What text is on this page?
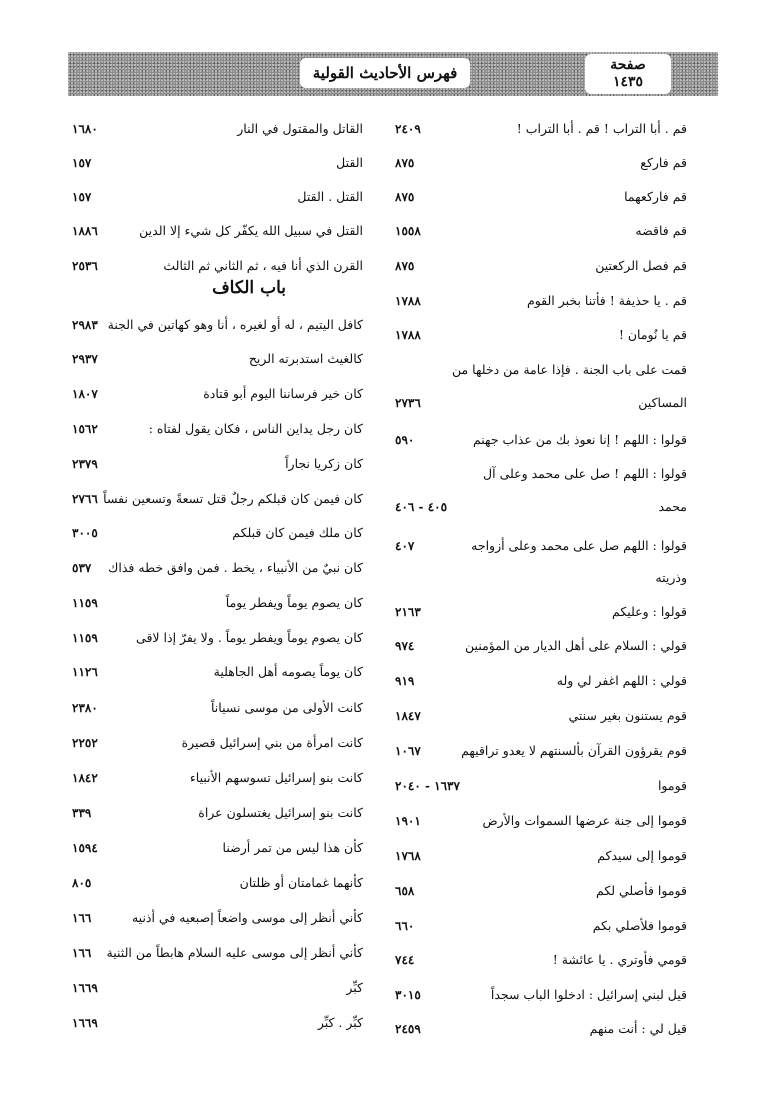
فهرس الأحاديث القولية	صفحة
١٤٣٥
القاتل والمقتول في النار
١٦٨٠
القتل
١٥٧
القتل . القتل
١٥٧
القتل في سبيل الله يكفّر كل شيء إلا الدين
١٨٨٦
القرن الذي أنا فيه ، ثم الثاني ثم الثالث
٢٥٣٦
كافل اليتيم ، له أو لغيره ، أنا وهو كهاتين في الجنة
٢٩٨٣
كالغيث استدبرته الريح
٢٩٣٧
كان خير فرساننا اليوم أبو قتادة
١٨٠٧
كان رجل يداين الناس ، فكان يقول لفتاه :
١٥٦٢
كان زكريا نجاراً
٢٣٧٩
كان فيمن كان قبلكم رجلٌ قتل تسعةً وتسعين نفساً
٢٧٦٦
كان ملك فيمن كان قبلكم
٣٠٠٥
كان نبيٌ من الأنبياء ، يخط . فمن وافق خطه فذاك
٥٣٧
كان يصوم يوماً ويفطر يوماً
١١٥٩
كان يصوم يوماً ويفطر يوماً . ولا يفرّ إذا لاقى
١١٥٩
كان يوماً يصومه أهل الجاهلية
١١٢٦
كانت الأولى من موسى نسياناً
٢٣٨٠
كانت امرأة من بني إسرائيل قصيرة
٢٢٥٢
كانت بنو إسرائيل تسوسهم الأنبياء
١٨٤٢
كانت بنو إسرائيل يغتسلون عراة
٣٣٩
كأن هذا ليس من تمر أرضنا
١٥٩٤
كأنهما غمامتان أو ظلتان
٨٠٥
كأني أنظر إلى موسى واضعاً إصبعيه في أذنيه
١٦٦
كأني أنظر إلى موسى عليه السلام هابطاً من الثنية
١٦٦
كبِّر
١٦٦٩
كبِّر . كبِّر
١٦٦٩
قم . أبا التراب ! قم . أبا التراب !
٢٤٠٩
قم فاركع
٨٧٥
قم فاركعهما
٨٧٥
قم فاقضه
١٥٥٨
قم فصل الركعتين
٨٧٥
قم . يا حذيفة ! فأتنا بخبر القوم
١٧٨٨
قم يا نُومان !
١٧٨٨
قمت على باب الجنة . فإذا عامة من دخلها من
المساكين
٢٧٣٦
قولوا : اللهم ! إنا نعوذ بك من عذاب جهنم
٥٩٠
قولوا : اللهم ! صل على محمد وعلى آل
محمد
٤٠٥ - ٤٠٦
قولوا : اللهم صل على محمد وعلى أزواجه
٤٠٧
وذريته
قولوا : وعليكم
٢١٦٣
قولي : السلام على أهل الديار من المؤمنين
٩٧٤
قولي : اللهم اغفر لي وله
٩١٩
قوم يستنون بغير سنتي
١٨٤٧
قوم يقرؤون القرآن بألسنتهم لا يعدو تراقيهم
١٠٦٧
قوموا
١٦٣٧ - ٢٠٤٠
قوموا إلى جنة عرضها السموات والأرض
١٩٠١
قوموا إلى سيدكم
١٧٦٨
قوموا فأصلي لكم
٦٥٨
قوموا فلأصلي بكم
٦٦٠
قومي فأوتري . يا عائشة !
٧٤٤
قيل لبني إسرائيل : ادخلوا الباب سجداً
٣٠١٥
قيل لي : أنت منهم
٢٤٥٩
باب الكاف
